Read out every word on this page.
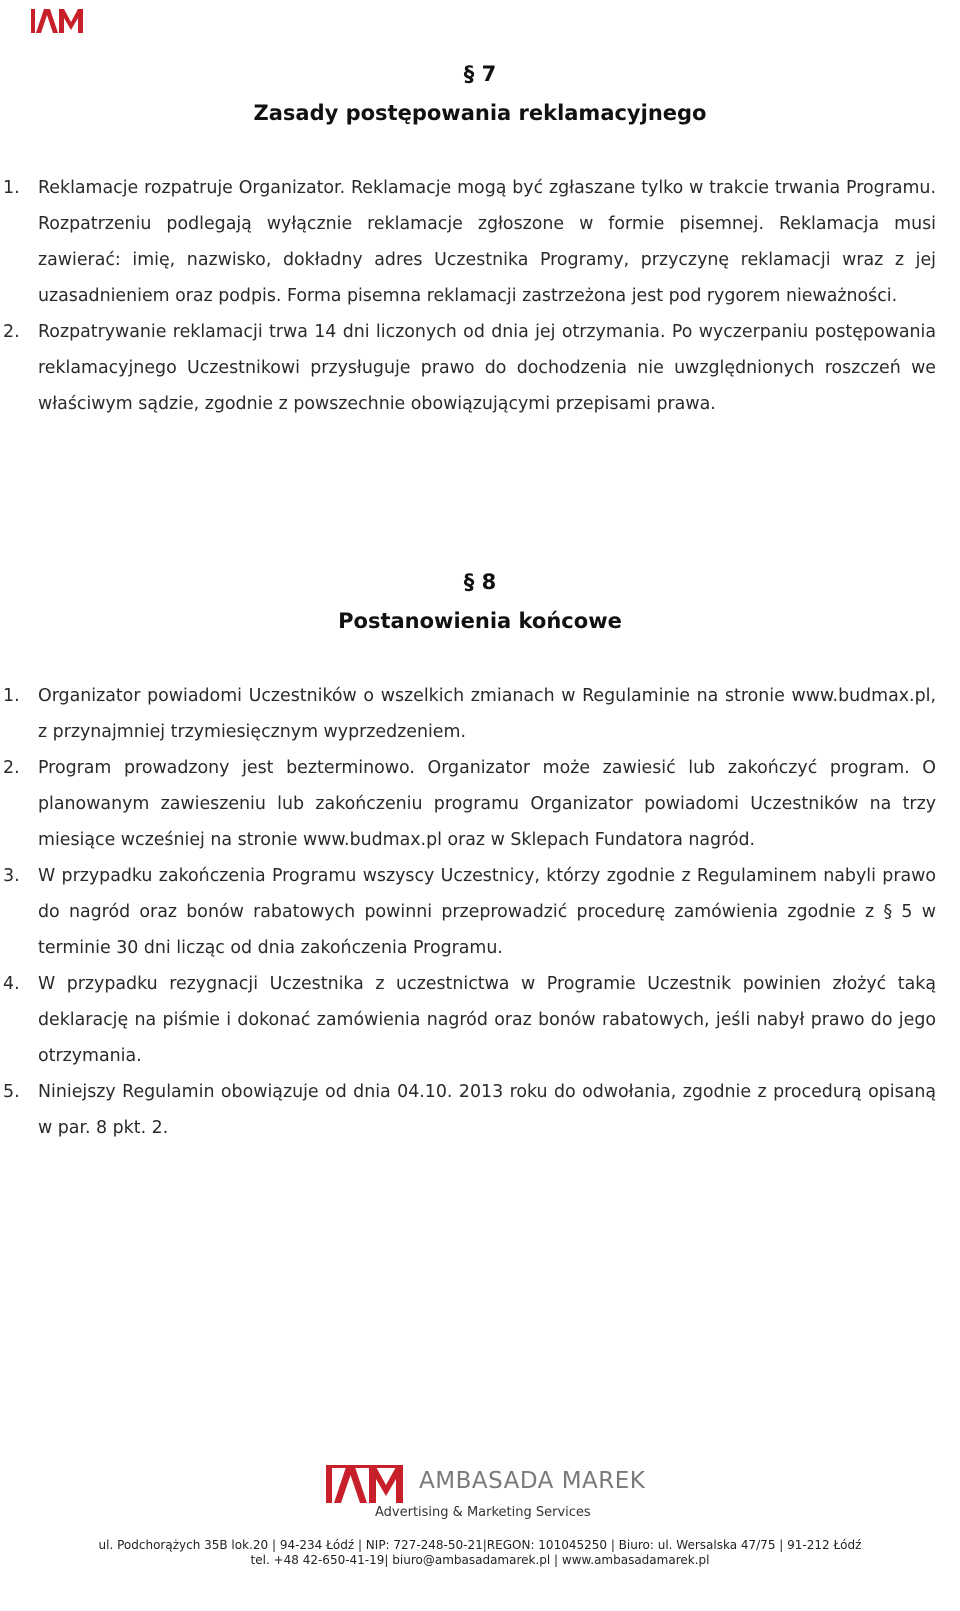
§ 7
Zasady postępowania reklamacyjnego
1. Reklamacje rozpatruje Organizator. Reklamacje mogą być zgłaszane tylko w trakcie trwania Programu. Rozpatrzeniu podlegają wyłącznie reklamacje zgłoszone w formie pisemnej. Reklamacja musi zawierać: imię, nazwisko, dokładny adres Uczestnika Programy, przyczynę reklamacji wraz z jej uzasadnieniem oraz podpis. Forma pisemna reklamacji zastrzeżona jest pod rygorem nieważności.
2. Rozpatrywanie reklamacji trwa 14 dni liczonych od dnia jej otrzymania. Po wyczerpaniu postępowania reklamacyjnego Uczestnikowi przysługuje prawo do dochodzenia nie uwzględnionych roszczeń we właściwym sądzie, zgodnie z powszechnie obowiązującymi przepisami prawa.
§ 8
Postanowienia końcowe
1. Organizator powiadomi Uczestników o wszelkich zmianach w Regulaminie na stronie www.budmax.pl, z przynajmniej trzymiesięcznym wyprzedzeniem.
2. Program prowadzony jest bezterminowo. Organizator może zawiesić lub zakończyć program. O planowanym zawieszeniu lub zakończeniu programu Organizator powiadomi Uczestników na trzy miesiące wcześniej na stronie www.budmax.pl oraz w Sklepach Fundatora nagród.
3. W przypadku zakończenia Programu wszyscy Uczestnicy, którzy zgodnie z Regulaminem nabyli prawo do nagród oraz bonów rabatowych powinni przeprowadzić procedurę zamówienia zgodnie z § 5 w terminie 30 dni licząc od dnia zakończenia Programu.
4. W przypadku rezygnacji Uczestnika z uczestnictwa w Programie Uczestnik powinien złożyć taką deklarację na piśmie i dokonać zamówienia nagród oraz bonów rabatowych, jeśli nabył prawo do jego otrzymania.
5. Niniejszy Regulamin obowiązuje od dnia 04.10. 2013 roku do odwołania, zgodnie z procedurą opisaną w par. 8 pkt. 2.
AMBASADA MAREK
Advertising & Marketing Services
ul. Podchorążych 35B lok.20 | 94-234 Łódź | NIP: 727-248-50-21|REGON: 101045250 | Biuro: ul. Wersalska 47/75 | 91-212 Łódź
tel. +48 42-650-41-19| biuro@ambasadamarek.pl | www.ambasadamarek.pl
